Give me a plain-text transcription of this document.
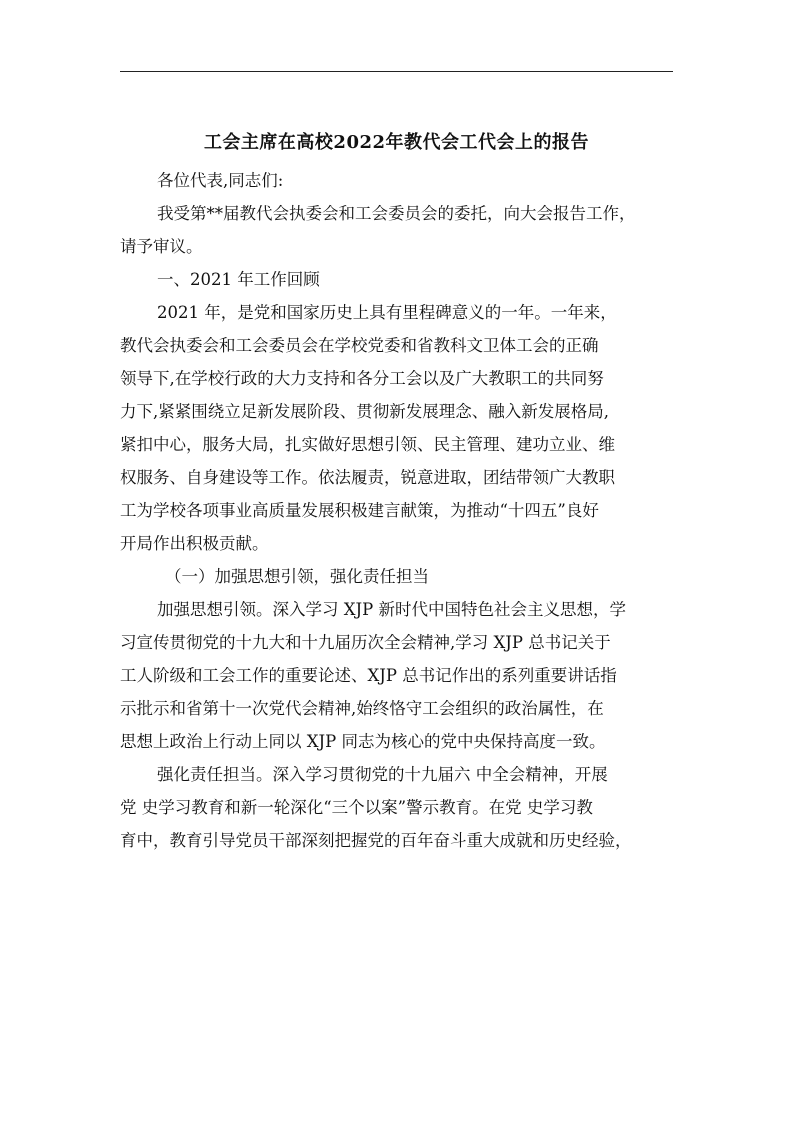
工会主席在高校2022年教代会工代会上的报告
各位代表,同志们:

我受第**届教代会执委会和工会委员会的委托，向大会报告工作，
请予审议。

一、2021 年工作回顾

2021 年，是党和国家历史上具有里程碑意义的一年。一年来，
教代会执委会和工会委员会在学校党委和省教科文卫体工会的正确
领导下,在学校行政的大力支持和各分工会以及广大教职工的共同努
力下,紧紧围绕立足新发展阶段、贯彻新发展理念、融入新发展格局,
紧扣中心，服务大局，扎实做好思想引领、民主管理、建功立业、维
权服务、自身建设等工作。依法履责，锐意进取，团结带领广大教职
工为学校各项事业高质量发展积极建言献策，为推动“十四五”良好
开局作出积极贡献。

（一）加强思想引领，强化责任担当

加强思想引领。深入学习 XJP 新时代中国特色社会主义思想，学
习宣传贯彻党的十九大和十九届历次全会精神,学习 XJP 总书记关于
工人阶级和工会工作的重要论述、XJP 总书记作出的系列重要讲话指
示批示和省第十一次党代会精神,始终恪守工会组织的政治属性，在
思想上政治上行动上同以 XJP 同志为核心的党中央保持高度一致。

强化责任担当。深入学习贯彻党的十九届六 中全会精神，开展
党 史学习教育和新一轮深化“三个以案”警示教育。在党 史学习教
育中，教育引导党员干部深刻把握党的百年奋斗重大成就和历史经验，
